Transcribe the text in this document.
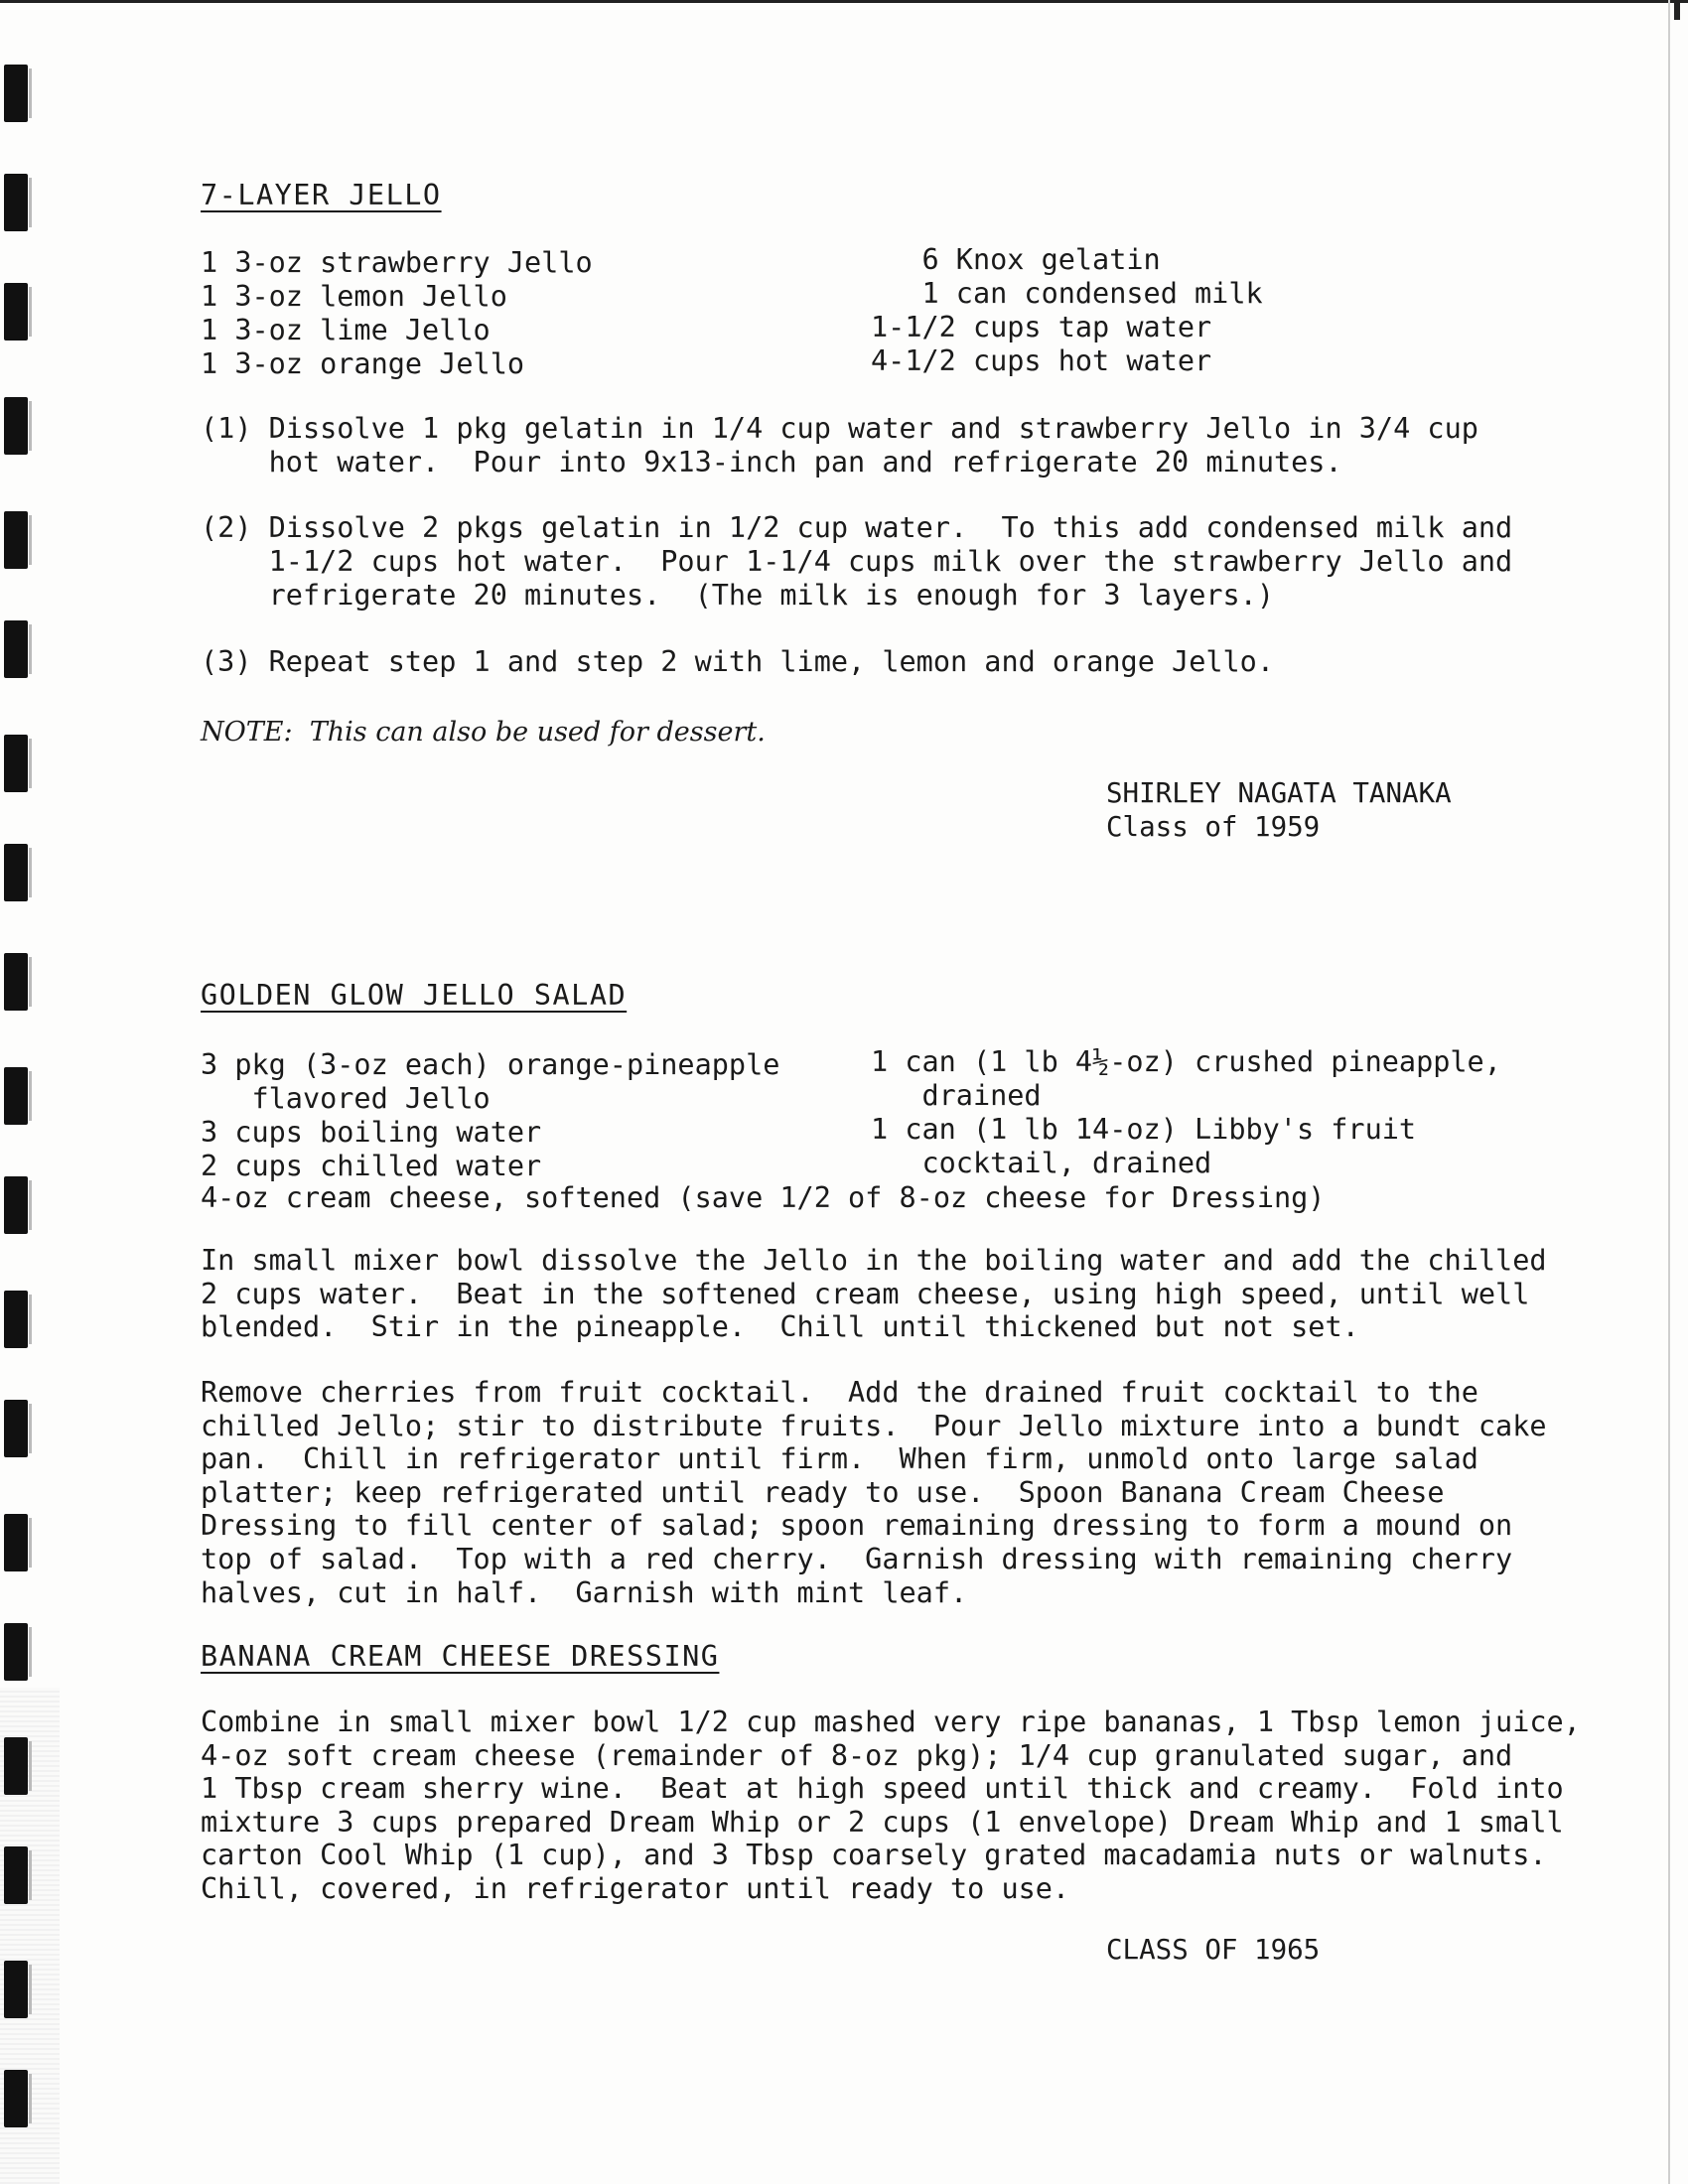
7-LAYER JELLO
1 3-oz strawberry Jello
1 3-oz lemon Jello
1 3-oz lime Jello
1 3-oz orange Jello
6 Knox gelatin
1 can condensed milk
1-1/2 cups tap water
4-1/2 cups hot water
(1) Dissolve 1 pkg gelatin in 1/4 cup water and strawberry Jello in 3/4 cup
hot water.  Pour into 9x13-inch pan and refrigerate 20 minutes.
(2) Dissolve 2 pkgs gelatin in 1/2 cup water.  To this add condensed milk and
1-1/2 cups hot water.  Pour 1-1/4 cups milk over the strawberry Jello and
refrigerate 20 minutes.  (The milk is enough for 3 layers.)
(3) Repeat step 1 and step 2 with lime, lemon and orange Jello.
NOTE:  This can also be used for dessert.
SHIRLEY NAGATA TANAKA
Class of 1959
GOLDEN GLOW JELLO SALAD
3 pkg (3-oz each) orange-pineapple
flavored Jello
3 cups boiling water
2 cups chilled water
4-oz cream cheese, softened (save 1/2 of 8-oz cheese for Dressing)
1 can (1 lb 4½-oz) crushed pineapple,
drained
1 can (1 lb 14-oz) Libby's fruit
cocktail, drained
In small mixer bowl dissolve the Jello in the boiling water and add the chilled
2 cups water.  Beat in the softened cream cheese, using high speed, until well
blended.  Stir in the pineapple.  Chill until thickened but not set.
Remove cherries from fruit cocktail.  Add the drained fruit cocktail to the
chilled Jello; stir to distribute fruits.  Pour Jello mixture into a bundt cake
pan.  Chill in refrigerator until firm.  When firm, unmold onto large salad
platter; keep refrigerated until ready to use.  Spoon Banana Cream Cheese
Dressing to fill center of salad; spoon remaining dressing to form a mound on
top of salad.  Top with a red cherry.  Garnish dressing with remaining cherry
halves, cut in half.  Garnish with mint leaf.
BANANA CREAM CHEESE DRESSING
Combine in small mixer bowl 1/2 cup mashed very ripe bananas, 1 Tbsp lemon juice,
4-oz soft cream cheese (remainder of 8-oz pkg); 1/4 cup granulated sugar, and
1 Tbsp cream sherry wine.  Beat at high speed until thick and creamy.  Fold into
mixture 3 cups prepared Dream Whip or 2 cups (1 envelope) Dream Whip and 1 small
carton Cool Whip (1 cup), and 3 Tbsp coarsely grated macadamia nuts or walnuts.
Chill, covered, in refrigerator until ready to use.
CLASS OF 1965
